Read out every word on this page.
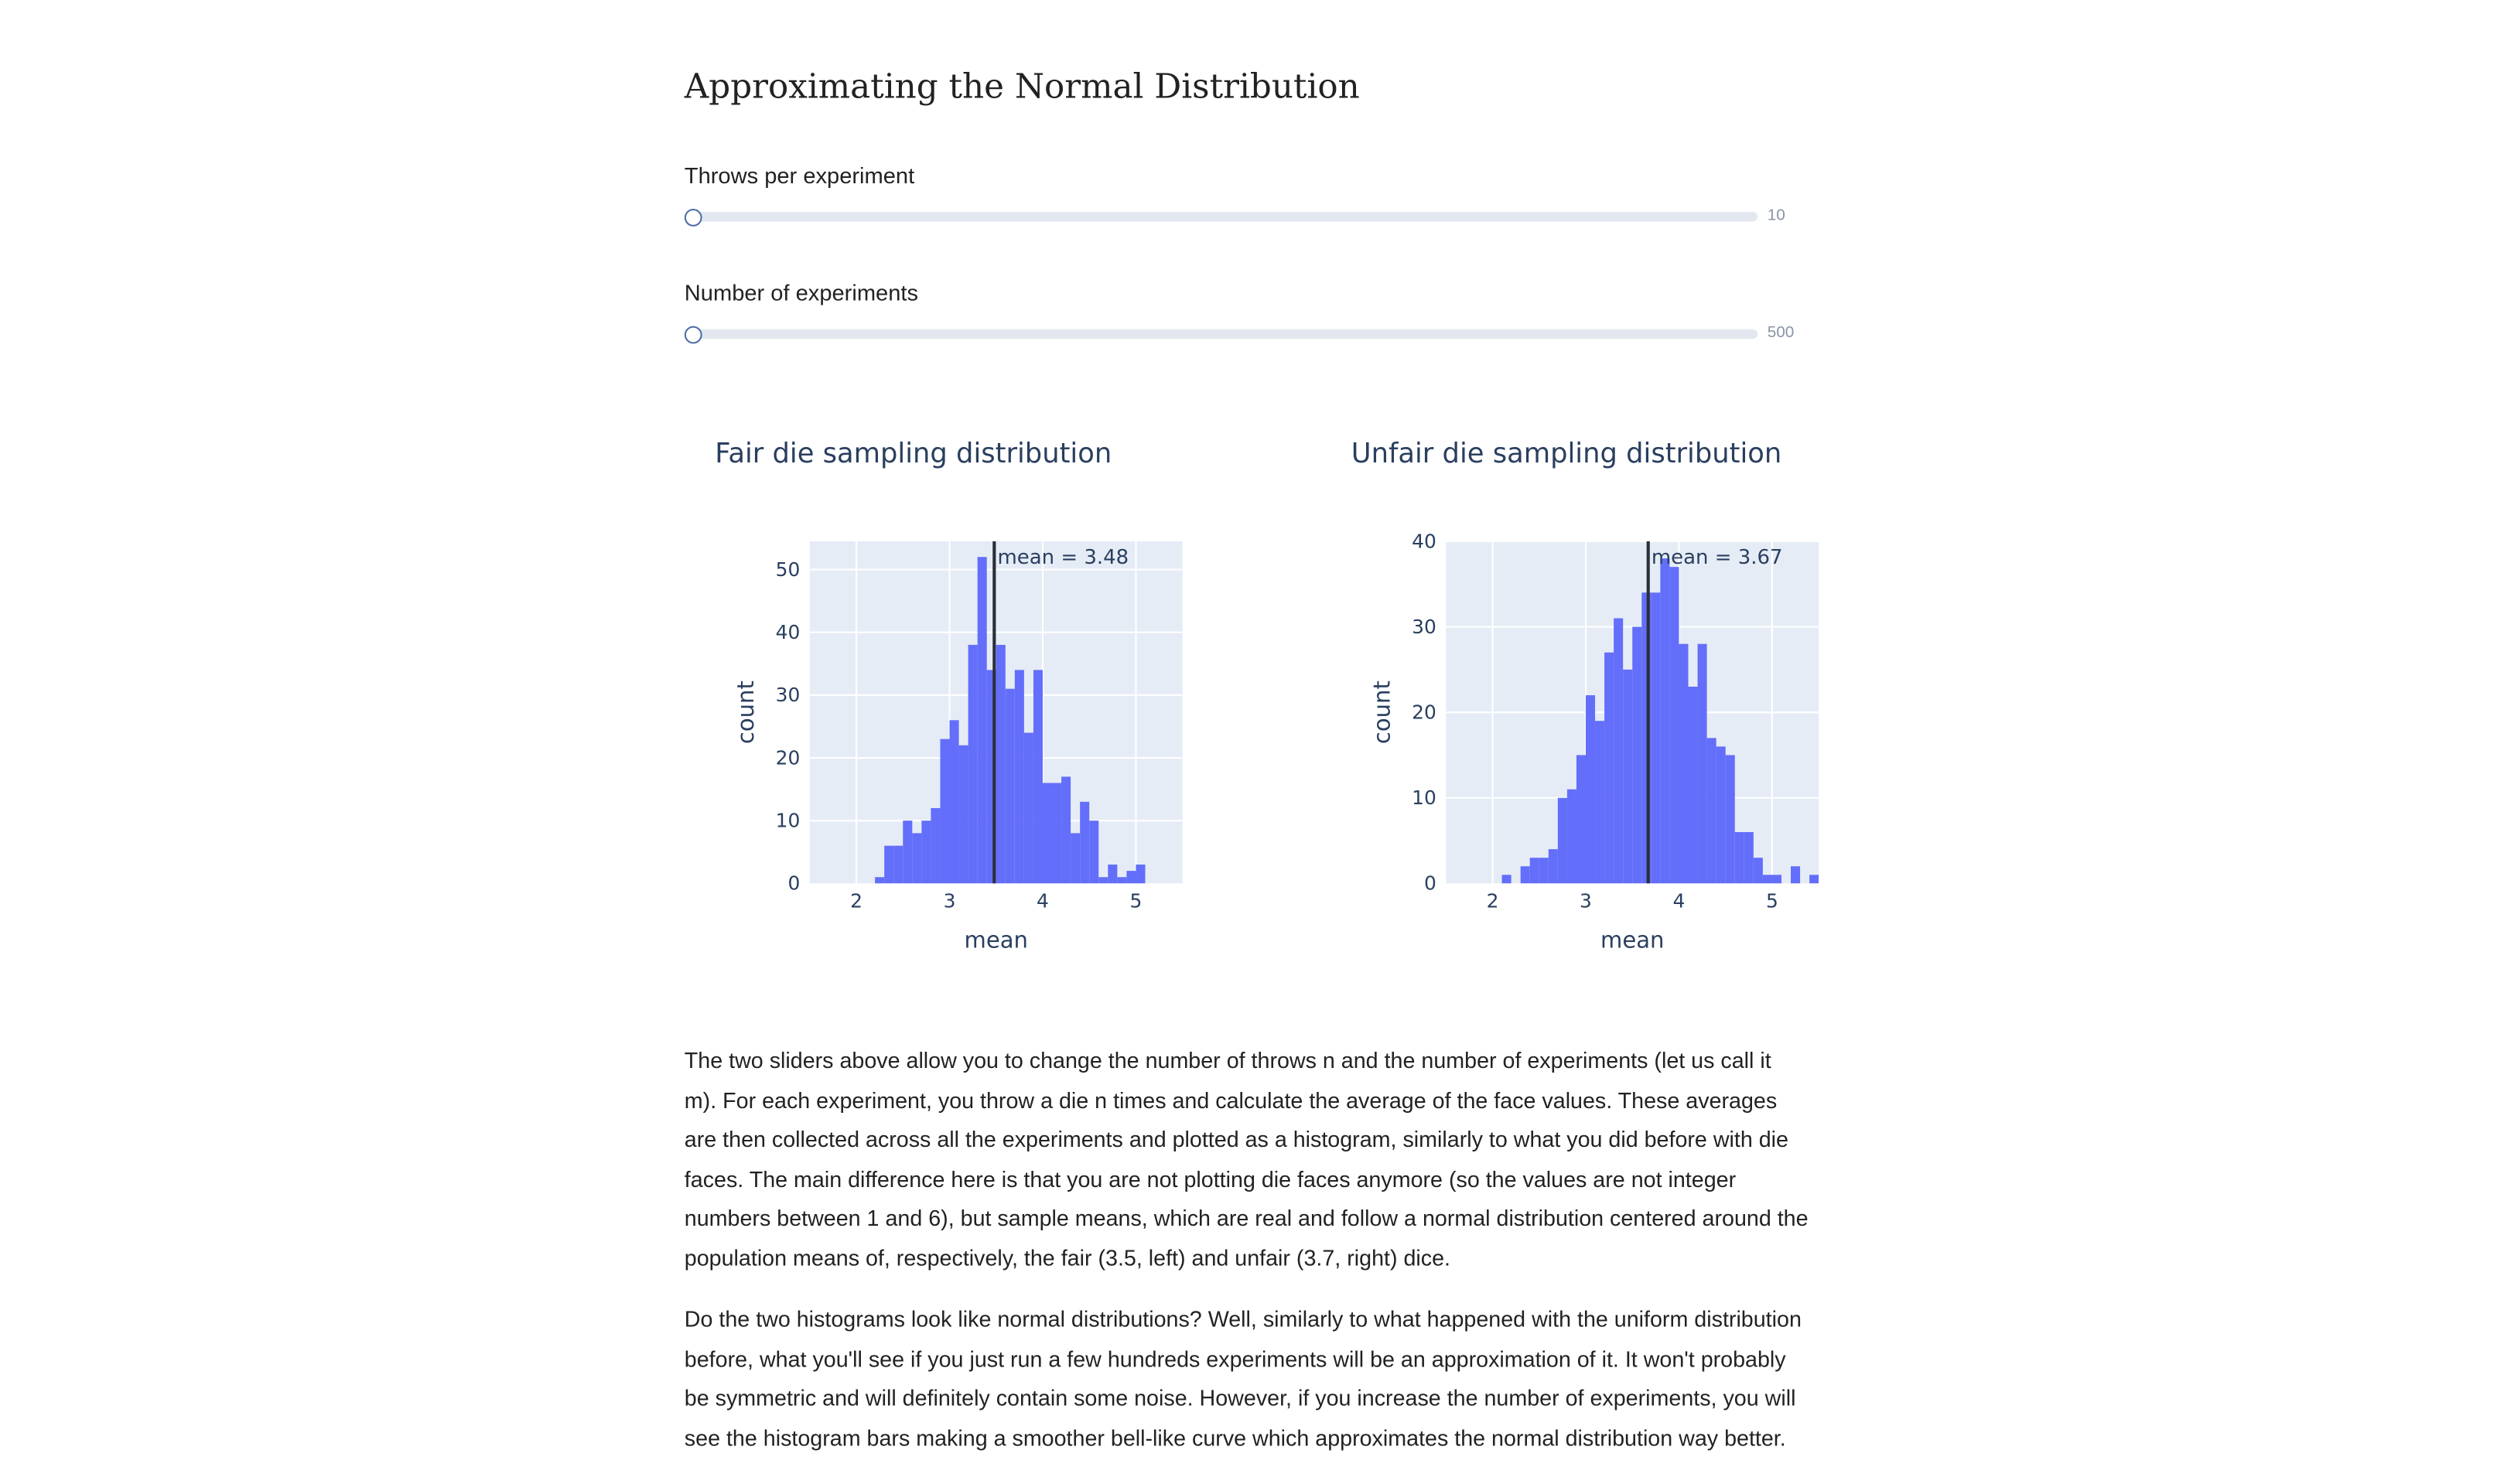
Approximating the Normal Distribution
Throws per experiment
10
Number of experiments
500
Fair die sampling distribution
mean = 3.48
0
10
20
30
40
50
2	3	4	5
mean
count
Unfair die sampling distribution
mean = 3.67
0
10
20
30
40
2	3	4	5
mean
count

The two sliders above allow you to change the number of throws n and the number of experiments (let us call it m). For each experiment, you throw a die n times and calculate the average of the face values. These averages are then collected across all the experiments and plotted as a histogram, similarly to what you did before with die faces. The main difference here is that you are not plotting die faces anymore (so the values are not integer numbers between 1 and 6), but sample means, which are real and follow a normal distribution centered around the population means of, respectively, the fair (3.5, left) and unfair (3.7, right) dice.

Do the two histograms look like normal distributions? Well, similarly to what happened with the uniform distribution before, what you'll see if you just run a few hundreds experiments will be an approximation of it. It won't probably be symmetric and will definitely contain some noise. However, if you increase the number of experiments, you will see the histogram bars making a smoother bell-like curve which approximates the normal distribution way better.
